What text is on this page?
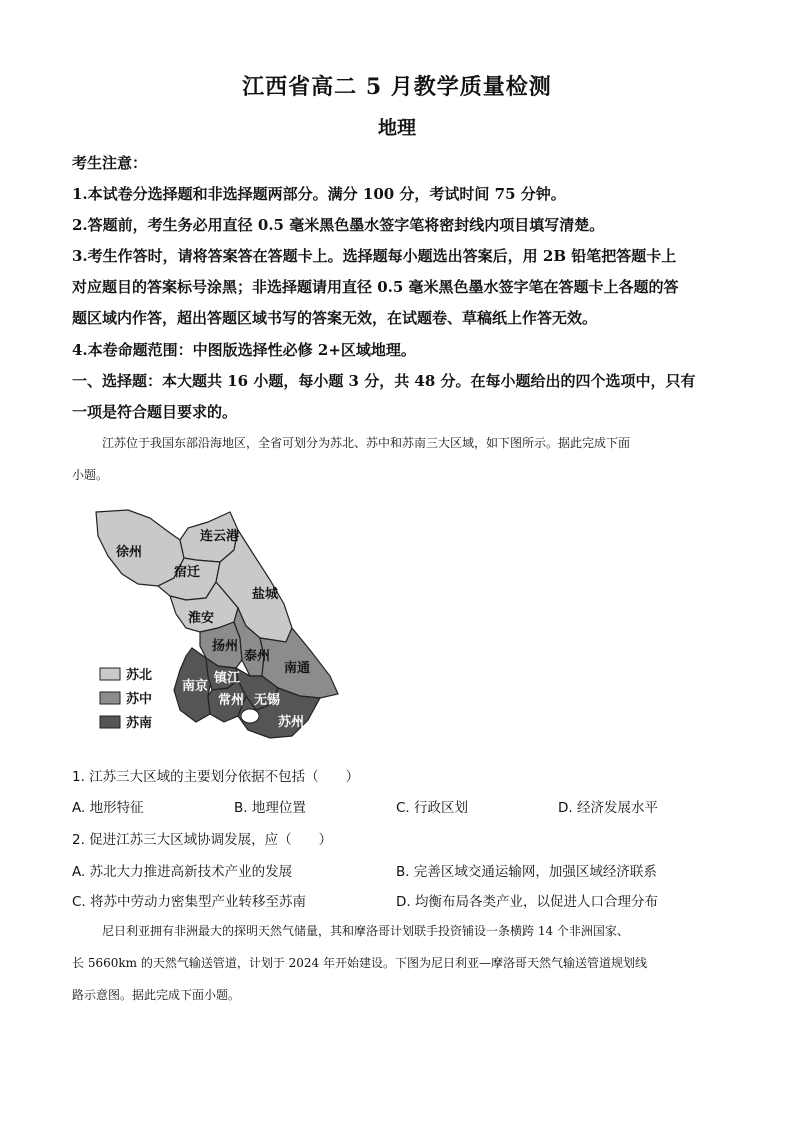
江西省高二 5 月教学质量检测
地理
考生注意：
1.本试卷分选择题和非选择题两部分。满分 100 分，考试时间 75 分钟。
2.答题前，考生务必用直径 0.5 毫米黑色墨水签字笔将密封线内项目填写清楚。
3.考生作答时，请将答案答在答题卡上。选择题每小题选出答案后，用 2B 铅笔把答题卡上
对应题目的答案标号涂黑；非选择题请用直径 0.5 毫米黑色墨水签字笔在答题卡上各题的答
题区域内作答，超出答题区域书写的答案无效，在试题卷、草稿纸上作答无效。
4.本卷命题范围：中图版选择性必修 2+区域地理。
一、选择题：本大题共 16 小题，每小题 3 分，共 48 分。在每小题给出的四个选项中，只有
一项是符合题目要求的。
江苏位于我国东部沿海地区，全省可划分为苏北、苏中和苏南三大区域，如下图所示。据此完成下面
小题。
连云港
徐州
宿迁
盐城
淮安
扬州
泰州
南通
南京
镇江
常州 无锡
苏州
苏北
苏中
苏南
1. 江苏三大区域的主要划分依据不包括（　　）
A. 地形特征	B. 地理位置	C. 行政区划	D. 经济发展水平
2. 促进江苏三大区域协调发展，应（　　）
A. 苏北大力推进高新技术产业的发展	B. 完善区域交通运输网，加强区域经济联系
C. 将苏中劳动力密集型产业转移至苏南	D. 均衡布局各类产业，以促进人口合理分布
尼日利亚拥有非洲最大的探明天然气储量，其和摩洛哥计划联手投资铺设一条横跨 14 个非洲国家、
长 5660km 的天然气输送管道，计划于 2024 年开始建设。下图为尼日利亚—摩洛哥天然气输送管道规划线
路示意图。据此完成下面小题。
